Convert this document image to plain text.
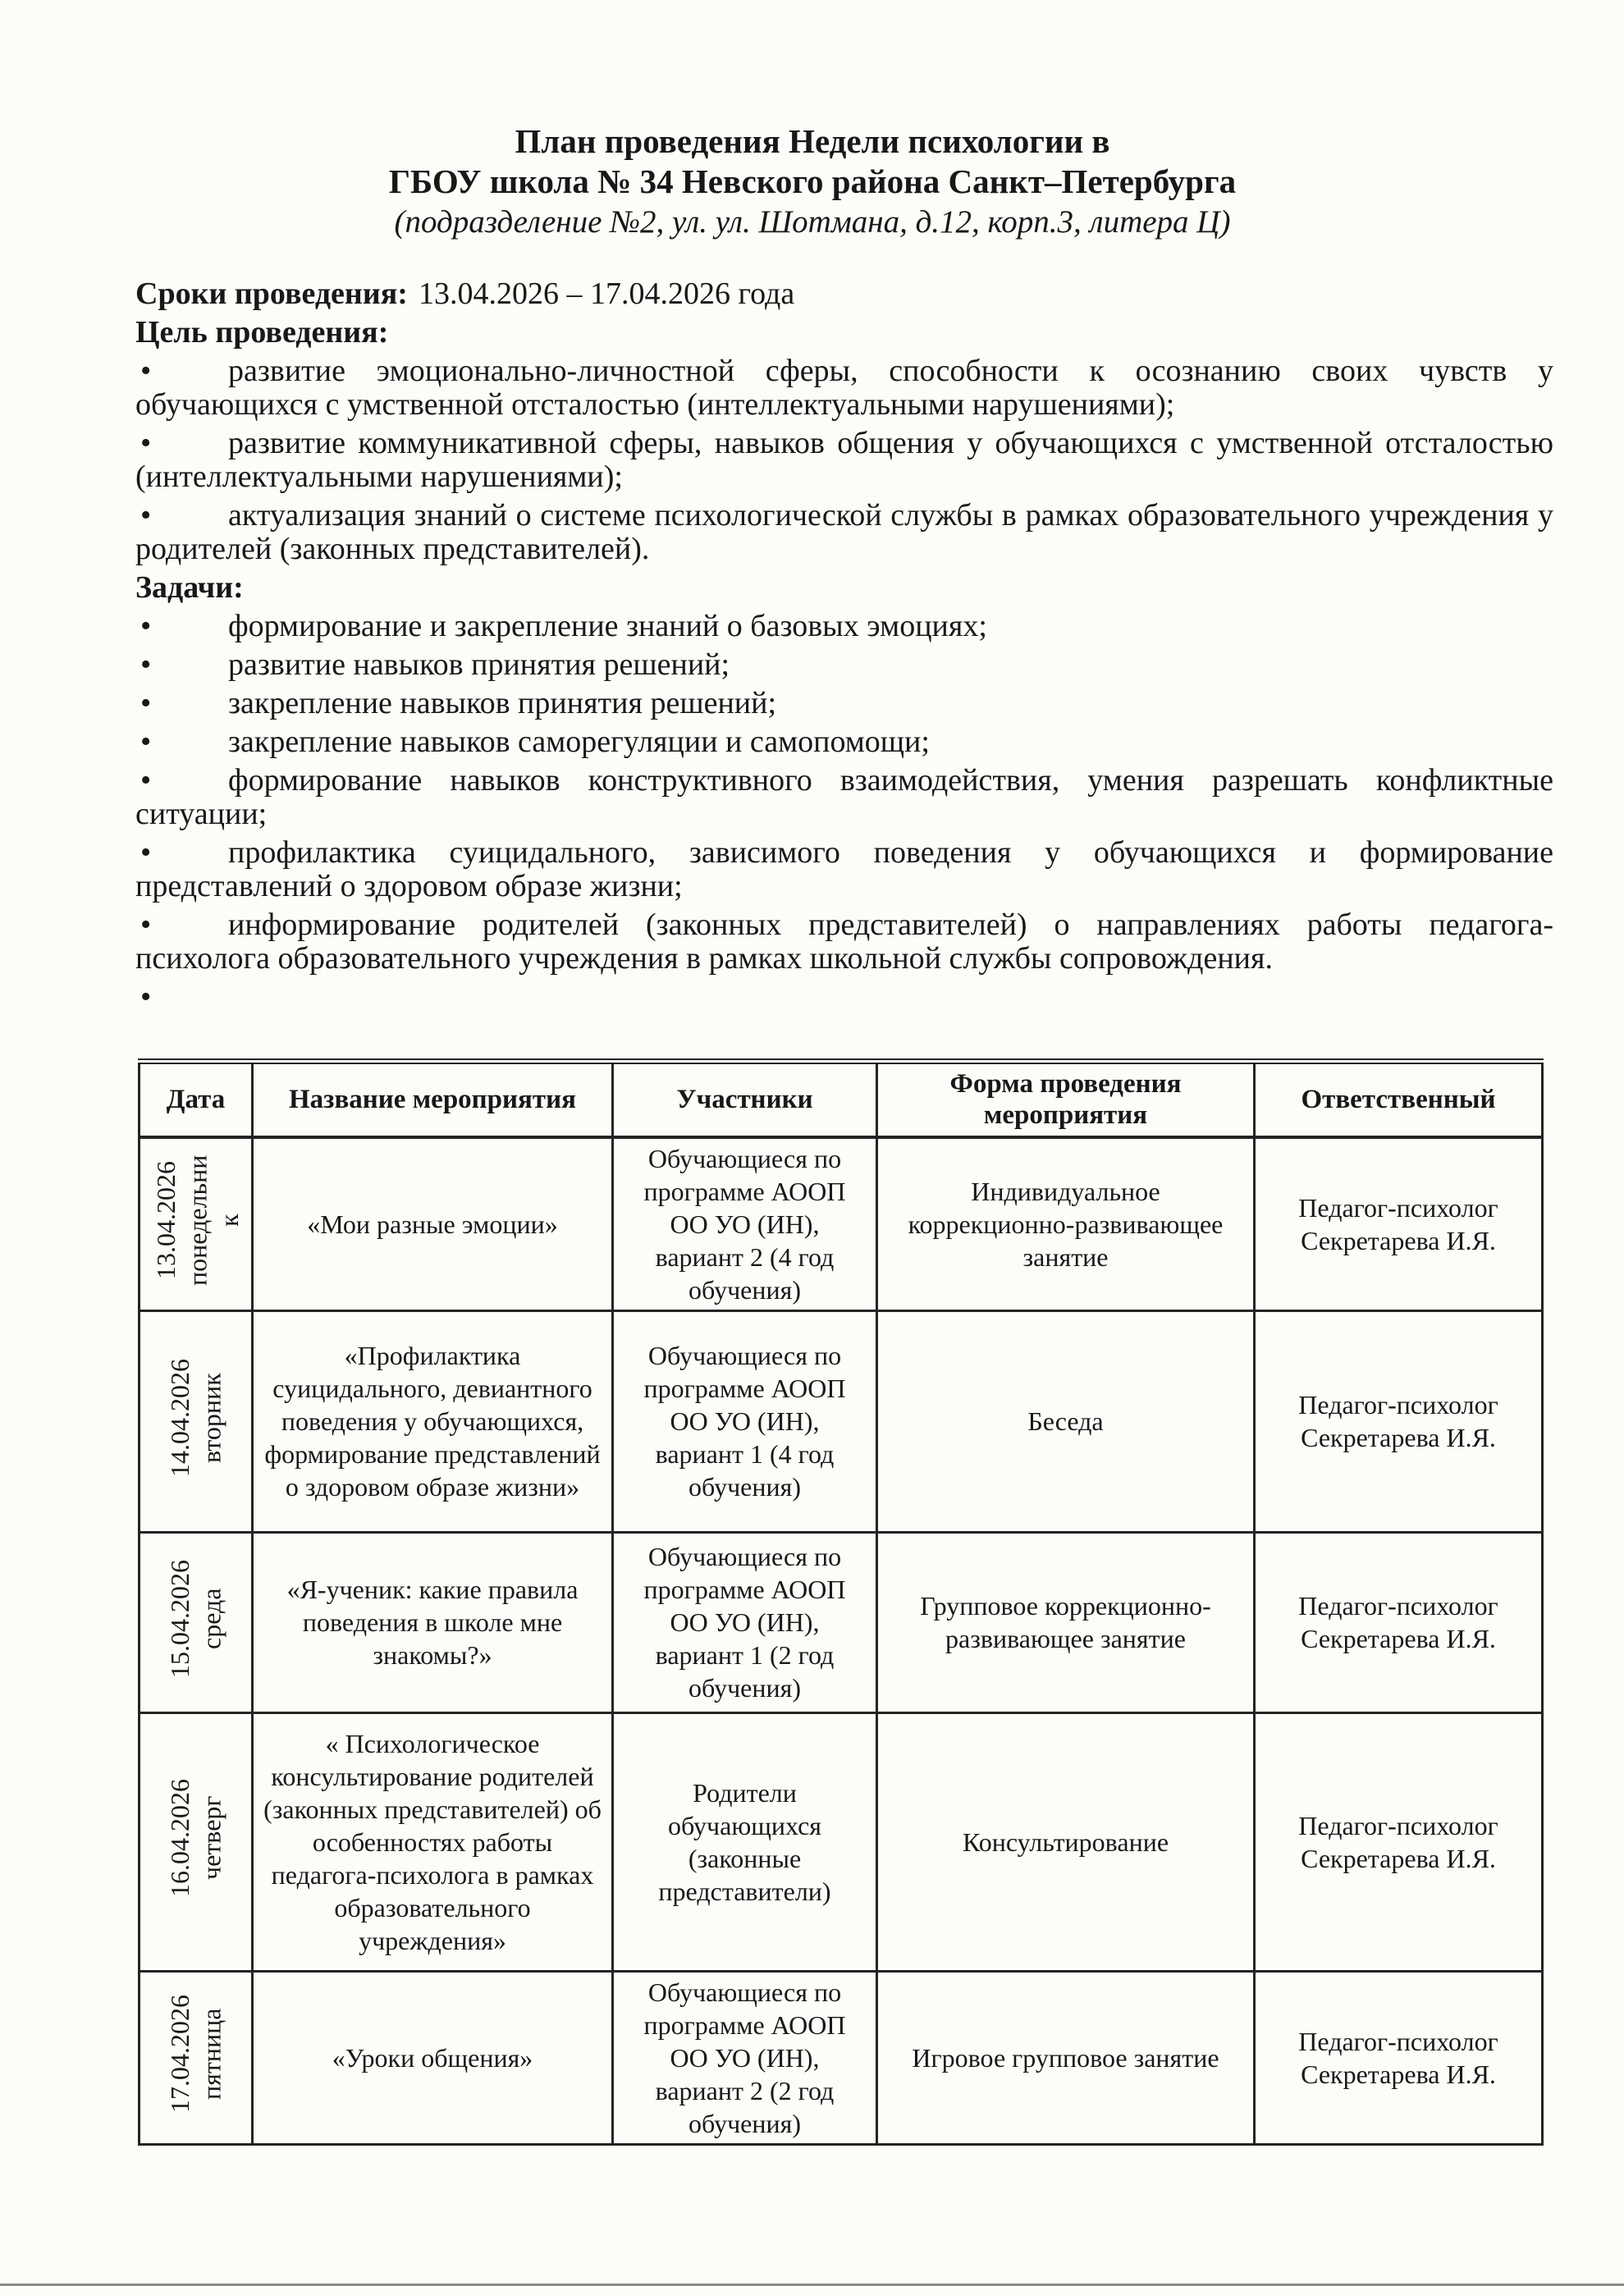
План проведения Недели психологии в
ГБОУ школа № 34 Невского района Санкт–Петербурга
(подразделение №2, ул. ул. Шотмана, д.12, корп.3, литера Ц)

Сроки проведения: 13.04.2026 – 17.04.2026 года

Цель проведения:

• развитие эмоционально-личностной сферы, способности к осознанию своих чувств у обучающихся с умственной отсталостью (интеллектуальными нарушениями);

• развитие коммуникативной сферы, навыков общения у обучающихся с умственной отсталостью (интеллектуальными нарушениями);

• актуализация знаний о системе психологической службы в рамках образовательного учреждения у родителей (законных представителей).

Задачи:

• формирование и закрепление знаний о базовых эмоциях;

• развитие навыков принятия решений;

• закрепление навыков принятия решений;

• закрепление навыков саморегуляции и самопомощи;

• формирование навыков конструктивного взаимодействия, умения разрешать конфликтные ситуации;

• профилактика суицидального, зависимого поведения у обучающихся и формирование представлений о здоровом образе жизни;

• информирование родителей (законных представителей) о направлениях работы педагога-психолога образовательного учреждения в рамках школьной службы сопровождения.

•

Дата	Название мероприятия	Участники	Форма проведения мероприятия	Ответственный

13.04.2026 понедельник	«Мои разные эмоции»	Обучающиеся по программе АООП ОО УО (ИН), вариант 2 (4 год обучения)	Индивидуальное коррекционно-развивающее занятие	Педагог-психолог Секретарева И.Я.

14.04.2026 вторник	«Профилактика суицидального, девиантного поведения у обучающихся, формирование представлений о здоровом образе жизни»	Обучающиеся по программе АООП ОО УО (ИН), вариант 1 (4 год обучения)	Беседа	Педагог-психолог Секретарева И.Я.

15.04.2026 среда	«Я-ученик: какие правила поведения в школе мне знакомы?»	Обучающиеся по программе АООП ОО УО (ИН), вариант 1 (2 год обучения)	Групповое коррекционно-развивающее занятие	Педагог-психолог Секретарева И.Я.

16.04.2026 четверг	« Психологическое консультирование родителей (законных представителей) об особенностях работы педагога-психолога в рамках образовательного учреждения»	Родители обучающихся (законные представители)	Консультирование	Педагог-психолог Секретарева И.Я.

17.04.2026 пятница	«Уроки общения»	Обучающиеся по программе АООП ОО УО (ИН), вариант 2 (2 год обучения)	Игровое групповое занятие	Педагог-психолог Секретарева И.Я.
